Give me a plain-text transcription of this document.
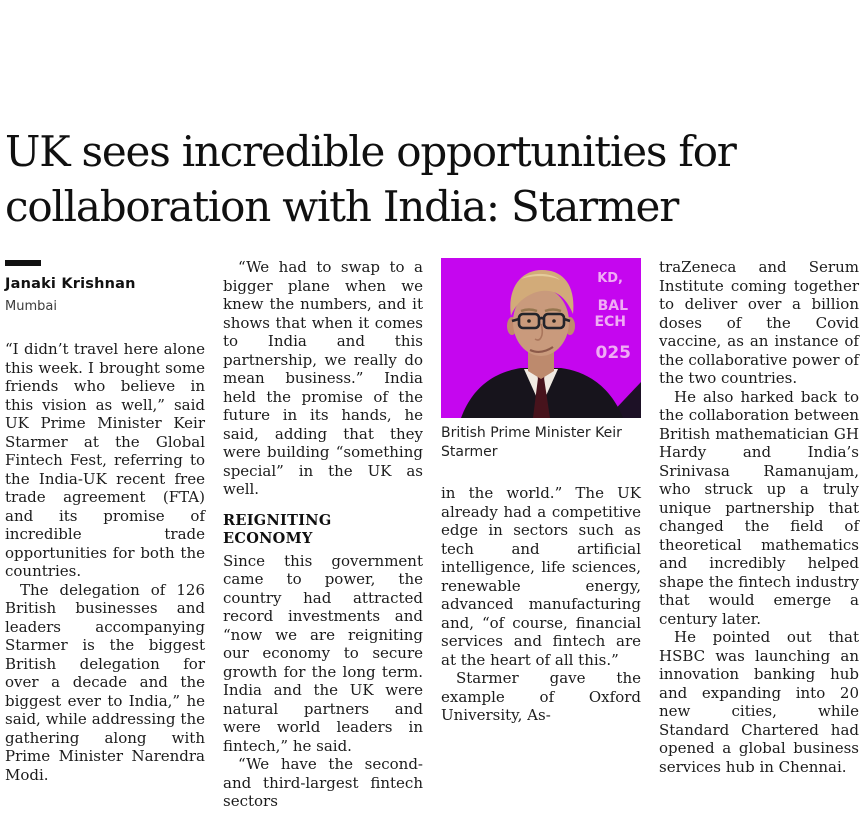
UK sees incredible opportunities for collaboration with India: Starmer
Janaki Krishnan
Mumbai

“I didn’t travel here alone this week. I brought some friends who believe in this vision as well,” said UK Prime Minister Keir Starmer at the Global Fintech Fest, referring to the India-UK recent free trade agreement (FTA) and its promise of incredible trade opportunities for both the countries.

The delegation of 126 British businesses and leaders accompanying Starmer is the biggest British delegation for over a decade and the biggest ever to India,” he said, while addressing the gathering along with Prime Minister Narendra Modi.

“We had to swap to a bigger plane when we knew the numbers, and it shows that when it comes to India and this partnership, we really do mean business.” India held the promise of the future in its hands, he said, adding that they were building “something special” in the UK as well.

REIGNITING ECONOMY

Since this government came to power, the country had attracted record investments and “now we are reigniting our economy to secure growth for the long term. India and the UK were natural partners and were world leaders in fintech,” he said.

“We have the second- and third-largest fintech sectors

KD,
BAL
ECH
025
British Prime Minister Keir Starmer

in the world.” The UK already had a competitive edge in sectors such as tech and artificial intelligence, life sciences, renewable energy, advanced manufacturing and, “of course, financial services and fintech are at the heart of all this.”

Starmer gave the example of Oxford University, As-

traZeneca and Serum Institute coming together to deliver over a billion doses of the Covid vaccine, as an instance of the collaborative power of the two countries.

He also harked back to the collaboration between British mathematician GH Hardy and India’s Srinivasa Ramanujam, who struck up a truly unique partnership that changed the field of theoretical mathematics and incredibly helped shape the fintech industry that would emerge a century later.

He pointed out that HSBC was launching an innovation banking hub and expanding into 20 new cities, while Standard Chartered had opened a global business services hub in Chennai.
